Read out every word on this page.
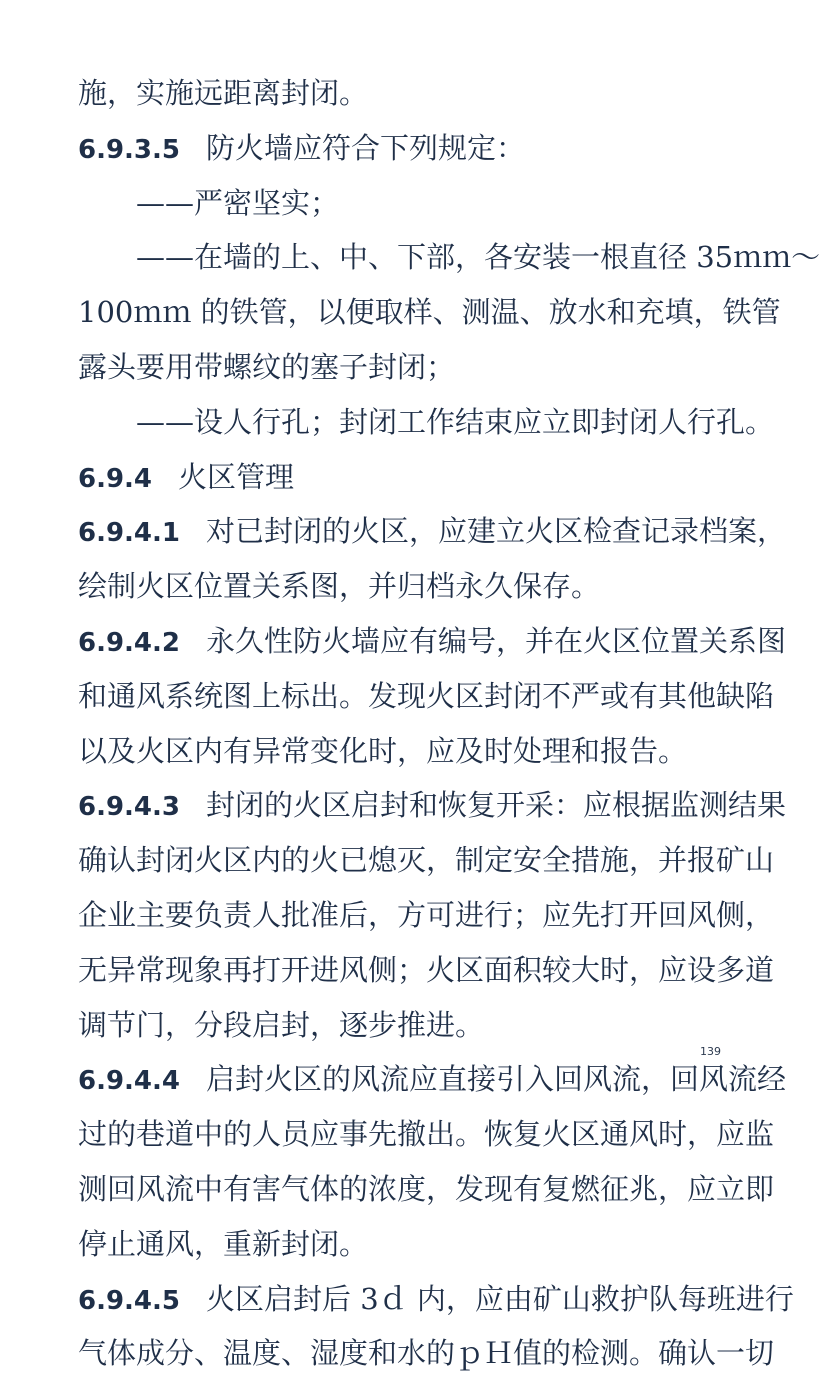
施，实施远距离封闭。
6.9.3.5 防火墙应符合下列规定：
——严密坚实；
——在墙的上、中、下部，各安装一根直径 35ｍｍ～
100ｍｍ 的铁管，以便取样、测温、放水和充填，铁管
露头要用带螺纹的塞子封闭；
——设人行孔；封闭工作结束应立即封闭人行孔。
6.9.4 火区管理
6.9.4.1 对已封闭的火区，应建立火区检查记录档案，
绘制火区位置关系图，并归档永久保存。
6.9.4.2 永久性防火墙应有编号，并在火区位置关系图
和通风系统图上标出。发现火区封闭不严或有其他缺陷
以及火区内有异常变化时，应及时处理和报告。
6.9.4.3 封闭的火区启封和恢复开采：应根据监测结果
确认封闭火区内的火已熄灭，制定安全措施，并报矿山
企业主要负责人批准后，方可进行；应先打开回风侧，
无异常现象再打开进风侧；火区面积较大时，应设多道
调节门，分段启封，逐步推进。
6.9.4.4 启封火区的风流应直接引入回风流，回风流经
过的巷道中的人员应事先撤出。恢复火区通风时，应监
测回风流中有害气体的浓度，发现有复燃征兆，应立即
停止通风，重新封闭。
6.9.4.5 火区启封后 3ｄ 内，应由矿山救护队每班进行
气体成分、温度、湿度和水的ｐＨ值的检测。确认一切
139
